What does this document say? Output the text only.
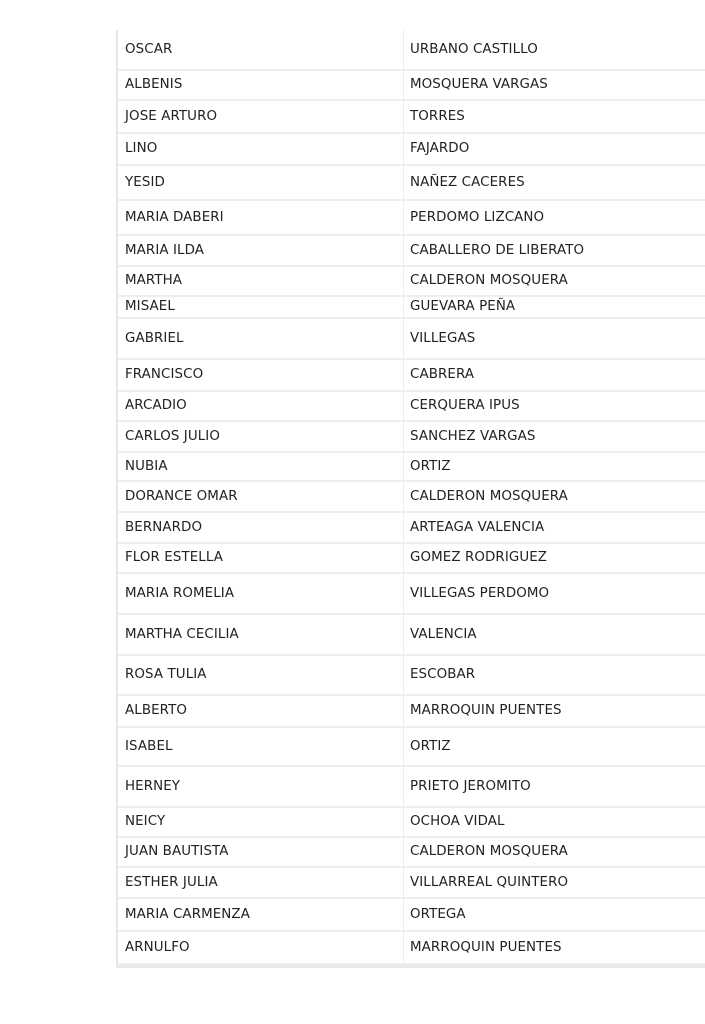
OSCAR	URBANO CASTILLO
ALBENIS	MOSQUERA VARGAS
JOSE ARTURO	TORRES
LINO	FAJARDO
YESID	NAÑEZ CACERES
MARIA DABERI	PERDOMO LIZCANO
MARIA ILDA	CABALLERO DE LIBERATO
MARTHA	CALDERON MOSQUERA
MISAEL	GUEVARA PEÑA
GABRIEL	VILLEGAS
FRANCISCO	CABRERA
ARCADIO	CERQUERA IPUS
CARLOS JULIO	SANCHEZ VARGAS
NUBIA	ORTIZ
DORANCE OMAR	CALDERON MOSQUERA
BERNARDO	ARTEAGA VALENCIA
FLOR ESTELLA	GOMEZ RODRIGUEZ
MARIA ROMELIA	VILLEGAS PERDOMO
MARTHA CECILIA	VALENCIA
ROSA TULIA	ESCOBAR
ALBERTO	MARROQUIN PUENTES
ISABEL	ORTIZ
HERNEY	PRIETO JEROMITO
NEICY	OCHOA VIDAL
JUAN BAUTISTA	CALDERON MOSQUERA
ESTHER JULIA	VILLARREAL QUINTERO
MARIA CARMENZA	ORTEGA
ARNULFO	MARROQUIN PUENTES
